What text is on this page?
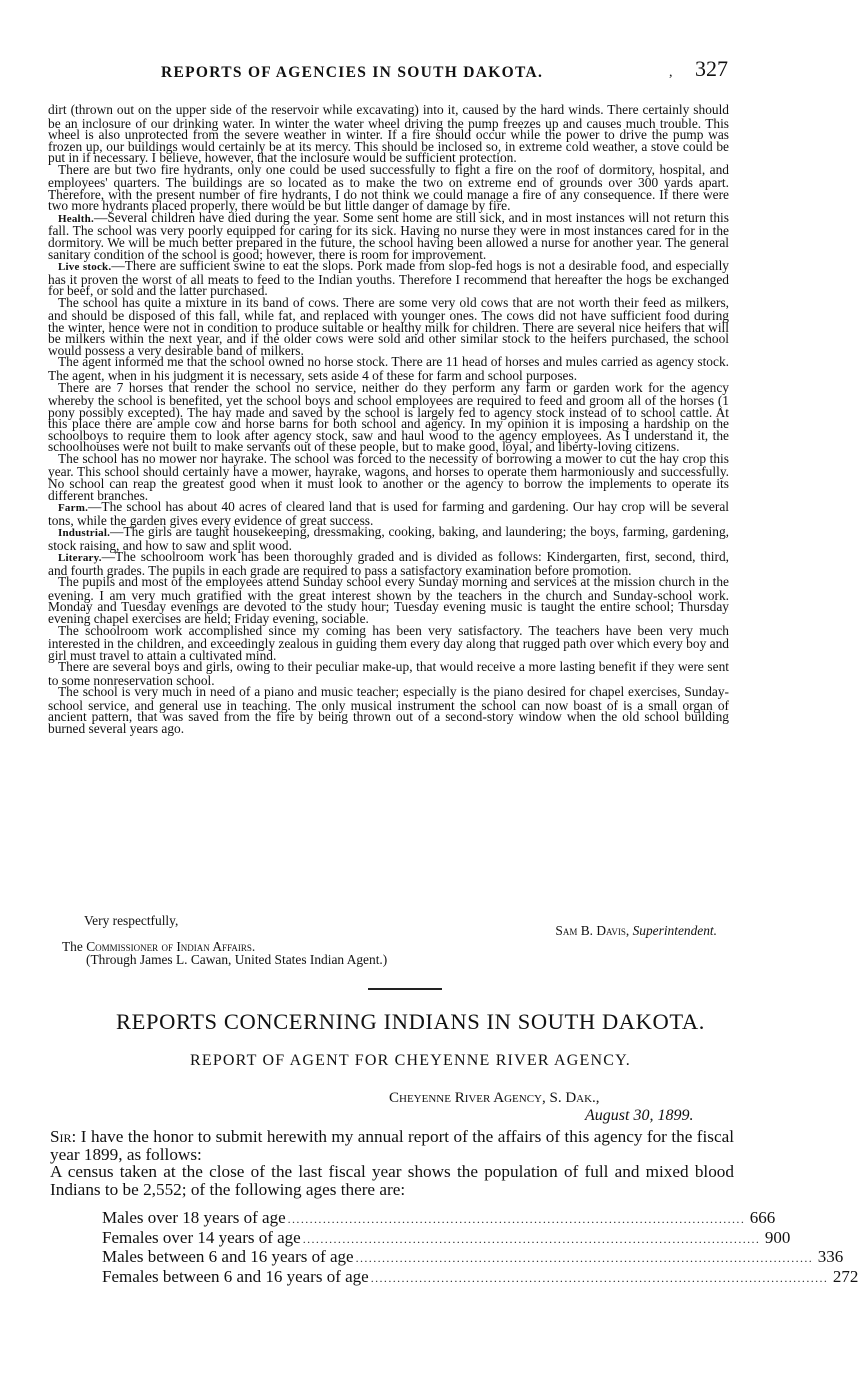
REPORTS OF AGENCIES IN SOUTH DAKOTA.	, 327

dirt (thrown out on the upper side of the reservoir while excavating) into it, caused by the hard winds. There certainly should be an inclosure of our drinking water. In winter the water wheel driving the pump freezes up and causes much trouble. This wheel is also unprotected from the severe weather in winter. If a fire should occur while the power to drive the pump was frozen up, our buildings would certainly be at its mercy. This should be inclosed so, in extreme cold weather, a stove could be put in if necessary. I believe, however, that the inclosure would be sufficient protection.

There are but two fire hydrants, only one could be used successfully to fight a fire on the roof of dormitory, hospital, and employees' quarters. The buildings are so located as to make the two on extreme end of grounds over 300 yards apart. Therefore, with the present number of fire hydrants, I do not think we could manage a fire of any consequence. If there were two more hydrants placed properly, there would be but little danger of damage by fire.

Health.—Several children have died during the year. Some sent home are still sick, and in most instances will not return this fall. The school was very poorly equipped for caring for its sick. Having no nurse they were in most instances cared for in the dormitory. We will be much better prepared in the future, the school having been allowed a nurse for another year. The general sanitary condition of the school is good; however, there is room for improvement.

Live stock.—There are sufficient swine to eat the slops. Pork made from slop-fed hogs is not a desirable food, and especially has it proven the worst of all meats to feed to the Indian youths. Therefore I recommend that hereafter the hogs be exchanged for beef, or sold and the latter purchased.

The school has quite a mixture in its band of cows. There are some very old cows that are not worth their feed as milkers, and should be disposed of this fall, while fat, and replaced with younger ones. The cows did not have sufficient food during the winter, hence were not in condition to produce suitable or healthy milk for children. There are several nice heifers that will be milkers within the next year, and if the older cows were sold and other similar stock to the heifers purchased, the school would possess a very desirable band of milkers.

The agent informed me that the school owned no horse stock. There are 11 head of horses and mules carried as agency stock. The agent, when in his judgment it is necessary, sets aside 4 of these for farm and school purposes.

There are 7 horses that render the school no service, neither do they perform any farm or garden work for the agency whereby the school is benefited, yet the school boys and school employees are required to feed and groom all of the horses (1 pony possibly excepted). The hay made and saved by the school is largely fed to agency stock instead of to school cattle. At this place there are ample cow and horse barns for both school and agency. In my opinion it is imposing a hardship on the schoolboys to require them to look after agency stock, saw and haul wood to the agency employees. As I understand it, the schoolhouses were not built to make servants out of these people, but to make good, loyal, and liberty-loving citizens.

The school has no mower nor hayrake. The school was forced to the necessity of borrowing a mower to cut the hay crop this year. This school should certainly have a mower, hayrake, wagons, and horses to operate them harmoniously and successfully. No school can reap the greatest good when it must look to another or the agency to borrow the implements to operate its different branches.

Farm.—The school has about 40 acres of cleared land that is used for farming and gardening. Our hay crop will be several tons, while the garden gives every evidence of great success.

Industrial.—The girls are taught housekeeping, dressmaking, cooking, baking, and laundering; the boys, farming, gardening, stock raising, and how to saw and split wood.

Literary.—The schoolroom work has been thoroughly graded and is divided as follows: Kindergarten, first, second, third, and fourth grades. The pupils in each grade are required to pass a satisfactory examination before promotion.

The pupils and most of the employees attend Sunday school every Sunday morning and services at the mission church in the evening. I am very much gratified with the great interest shown by the teachers in the church and Sunday-school work. Monday and Tuesday evenings are devoted to the study hour; Tuesday evening music is taught the entire school; Thursday evening chapel exercises are held; Friday evening, sociable.

The schoolroom work accomplished since my coming has been very satisfactory. The teachers have been very much interested in the children, and exceedingly zealous in guiding them every day along that rugged path over which every boy and girl must travel to attain a cultivated mind.

There are several boys and girls, owing to their peculiar make-up, that would receive a more lasting benefit if they were sent to some nonreservation school.

The school is very much in need of a piano and music teacher; especially is the piano desired for chapel exercises, Sunday-school service, and general use in teaching. The only musical instrument the school can now boast of is a small organ of ancient pattern, that was saved from the fire by being thrown out of a second-story window when the old school building burned several years ago.

Very respectfully,
Sam B. Davis, Superintendent.
The Commissioner of Indian Affairs.
(Through James L. Cawan, United States Indian Agent.)
REPORTS CONCERNING INDIANS IN SOUTH DAKOTA.
REPORT OF AGENT FOR CHEYENNE RIVER AGENCY.
Cheyenne River Agency, S. Dak.,
August 30, 1899.

Sir: I have the honor to submit herewith my annual report of the affairs of this agency for the fiscal year 1899, as follows:

A census taken at the close of the last fiscal year shows the population of full and mixed blood Indians to be 2,552; of the following ages there are:

Males over 18 years of age ........................................................................................................ 666
Females over 14 years of age ........................................................................................................ 900
Males between 6 and 16 years of age ........................................................................................................ 336
Females between 6 and 16 years of age ........................................................................................................ 272
